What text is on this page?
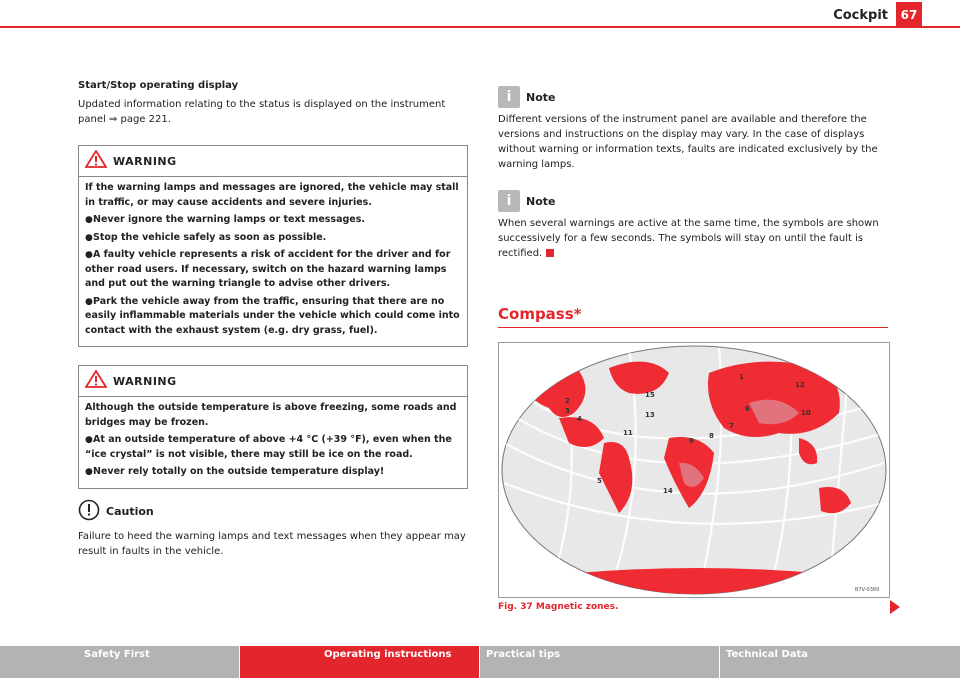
Cockpit	67

Start/Stop operating display

Updated information relating to the status is displayed on the instrument panel ⇒ page 221.

WARNING

If the warning lamps and messages are ignored, the vehicle may stall in traffic, or may cause accidents and severe injuries.

●Never ignore the warning lamps or text messages.

●Stop the vehicle safely as soon as possible.

●A faulty vehicle represents a risk of accident for the driver and for other road users. If necessary, switch on the hazard warning lamps and put out the warning triangle to advise other drivers.

●Park the vehicle away from the traffic, ensuring that there are no easily inflammable materials under the vehicle which could come into contact with the exhaust system (e.g. dry grass, fuel).

WARNING

Although the outside temperature is above freezing, some roads and bridges may be frozen.

●At an outside temperature of above +4 °C (+39 °F), even when the “ice crystal” is not visible, there may still be ice on the road.

●Never rely totally on the outside temperature display!

Caution

Failure to heed the warning lamps and text messages when they appear may result in faults in the vehicle.

i	Note

Different versions of the instrument panel are available and therefore the versions and instructions on the display may vary. In the case of displays without warning or information texts, faults are indicated exclusively by the warning lamps.

i	Note

When several warnings are active at the same time, the symbols are shown successively for a few seconds. The symbols will stay on until the fault is rectified.

Compass*
1
2
3
4
5
6
7
8
9
10
11
12
13
14
15
B7V-0389
Fig. 37 Magnetic zones.
Safety First	Operating instructions	Practical tips	Technical Data
